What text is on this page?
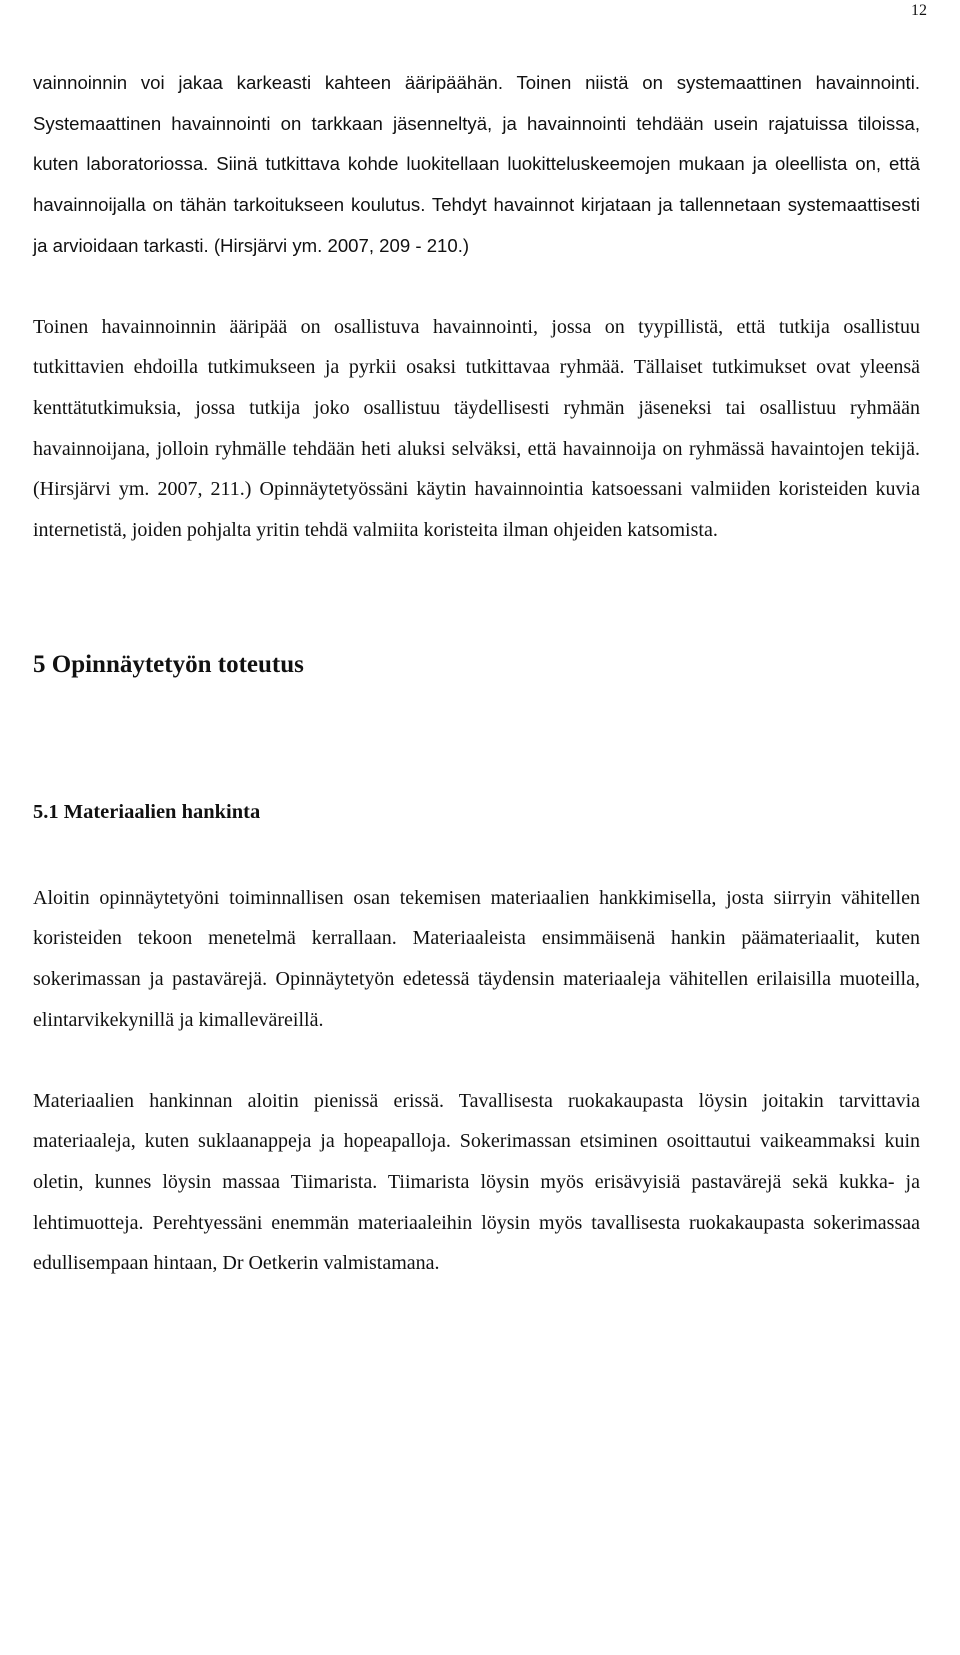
12

vainnoinnin voi jakaa karkeasti kahteen ääripäähän. Toinen niistä on systemaattinen havainnointi. Systemaattinen havainnointi on tarkkaan jäsenneltyä, ja havainnointi tehdään usein rajatuissa tiloissa, kuten laboratoriossa. Siinä tutkittava kohde luokitellaan luokitteluskeemojen mukaan ja oleellista on, että havainnoijalla on tähän tarkoitukseen koulutus. Tehdyt havainnot kirjataan ja tallennetaan systemaattisesti ja arvioidaan tarkasti. (Hirsjärvi ym. 2007, 209 - 210.)

Toinen havainnoinnin ääripää on osallistuva havainnointi, jossa on tyypillistä, että tutkija osallistuu tutkittavien ehdoilla tutkimukseen ja pyrkii osaksi tutkittavaa ryhmää. Tällaiset tutkimukset ovat yleensä kenttätutkimuksia, jossa tutkija joko osallistuu täydellisesti ryhmän jäseneksi tai osallistuu ryhmään havainnoijana, jolloin ryhmälle tehdään heti aluksi selväksi, että havainnoija on ryhmässä havaintojen tekijä. (Hirsjärvi ym. 2007, 211.) Opinnäytetyössäni käytin havainnointia katsoessani valmiiden koristeiden kuvia internetistä, joiden pohjalta yritin tehdä valmiita koristeita ilman ohjeiden katsomista.

5 Opinnäytetyön toteutus
5.1 Materiaalien hankinta

Aloitin opinnäytetyöni toiminnallisen osan tekemisen materiaalien hankkimisella, josta siirryin vähitellen koristeiden tekoon menetelmä kerrallaan. Materiaaleista ensimmäisenä hankin päämateriaalit, kuten sokerimassan ja pastavärejä. Opinnäytetyön edetessä täydensin materiaaleja vähitellen erilaisilla muoteilla, elintarvikekynillä ja kimalleväreillä.

Materiaalien hankinnan aloitin pienissä erissä. Tavallisesta ruokakaupasta löysin joitakin tarvittavia materiaaleja, kuten suklaanappeja ja hopeapalloja. Sokerimassan etsiminen osoittautui vaikeammaksi kuin oletin, kunnes löysin massaa Tiimarista. Tiimarista löysin myös erisävyisiä pastavärejä sekä kukka- ja lehtimuotteja. Perehtyessäni enemmän materiaaleihin löysin myös tavallisesta ruokakaupasta sokerimassaa edullisempaan hintaan, Dr Oetkerin valmistamana.
